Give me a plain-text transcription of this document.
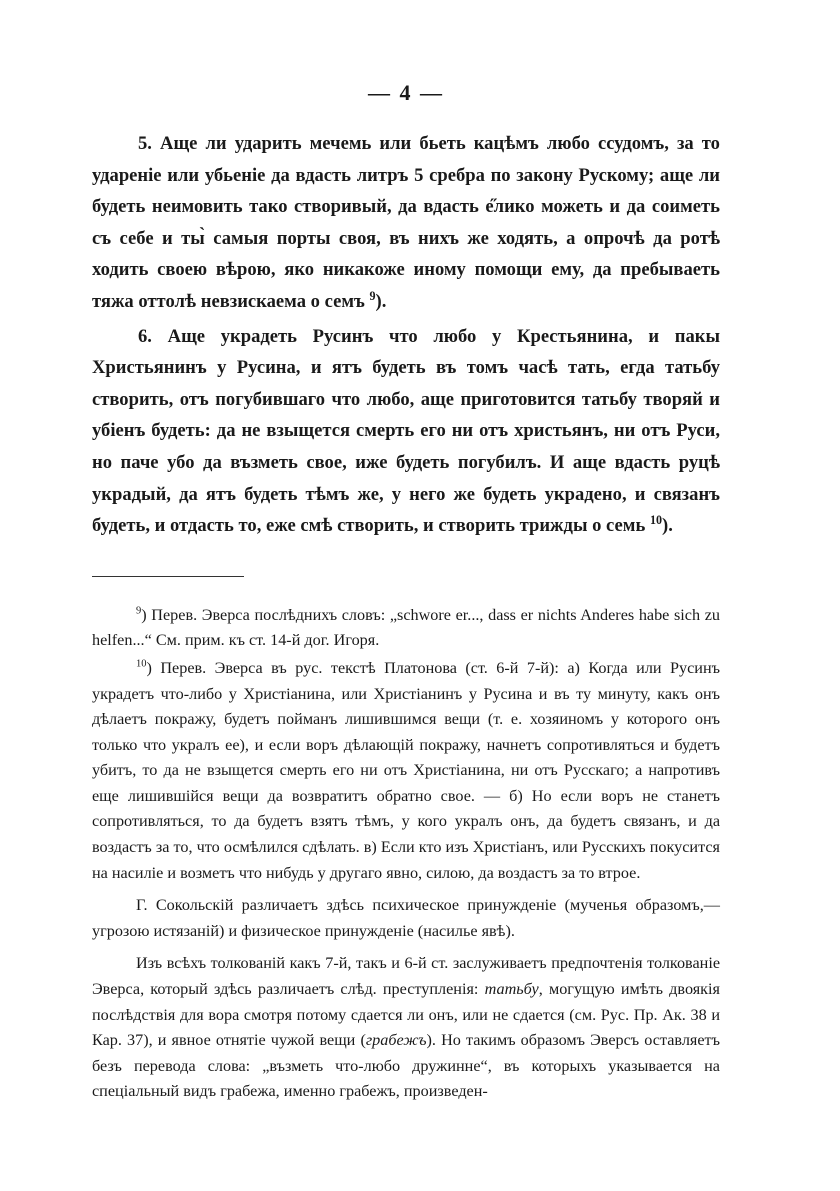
— 4 —

5. Аще ли ударить мечемь или бьеть кацѣмъ любо ссудомъ, за то удареніе или убьеніе да вдасть литръ 5 сребра по закону Рускому; аще ли будеть неимовить тако створивый, да вдасть е̋лико можеть и да соиметь съ себе и ты̀ самыя порты своя, въ нихъ же ходять, а опрочѣ да ротѣ ходить своею вѣрою, яко никакоже иному помощи ему, да пребываеть тяжа оттолѣ невзискаема о семъ $^9$).

6. Аще украдеть Русинъ что любо у Крестьянина, и пакы Христьянинъ у Русина, и ятъ будеть въ томъ часѣ тать, егда татьбу створить, отъ погубившаго что любо, аще приготовится татьбу творяй и убіенъ будеть: да не взыщется смерть его ни отъ христьянъ, ни отъ Руси, но паче убо да възметь свое, иже будеть погубилъ. И аще вдасть руцѣ украдый, да ятъ будеть тѣмъ же, у него же будеть украдено, и связанъ будеть, и отдасть то, еже смѣ створить, и створить трижды о семь $^{10}$).

$^9$) Перев. Эверса послѣднихъ словъ: „schwore er..., dass er nichts Anderes habe sich zu helfen...“ См. прим. къ ст. 14-й дог. Игоря.

$^{10}$) Перев. Эверса въ рус. текстѣ Платонова (ст. 6-й 7-й): а) Когда или Русинъ украдетъ что-либо у Христіанина, или Христіанинъ у Русина и въ ту минуту, какъ онъ дѣлаетъ покражу, будетъ пойманъ лишившимся вещи (т. е. хозяиномъ у которого онъ только что укралъ ее), и если воръ дѣлающій покражу, начнетъ сопротивляться и будетъ убитъ, то да не взыщется смерть его ни отъ Христіанина, ни отъ Русскаго; а напротивъ еще лишившійся вещи да возвратитъ обратно свое. — б) Но если воръ не станетъ сопротивляться, то да будетъ взятъ тѣмъ, у кого укралъ онъ, да будетъ связанъ, и да воздастъ за то, что осмѣлился сдѣлать. в) Если кто изъ Христіанъ, или Русскихъ покусится на насиліе и возметъ что нибудь у другаго явно, силою, да воздастъ за то втрое.

Г. Сокольскій различаетъ здѣсь психическое принужденіе (мученья образомъ,—угрозою истязаній) и физическое принужденіе (насилье явѣ).

Изъ всѣхъ толкованій какъ 7-й, такъ и 6-й ст. заслуживаетъ предпочтенія толкованіе Эверса, который здѣсь различаетъ слѣд. преступленія: татьбу, могущую имѣть двоякія послѣдствія для вора смотря потому сдается ли онъ, или не сдается (см. Рус. Пр. Ак. 38 и Кар. 37), и явное отнятіе чужой вещи (грабежъ). Но такимъ образомъ Эверсъ оставляетъ безъ перевода слова: „възметь что-любо дружинне“, въ которыхъ указывается на спеціальный видъ грабежа, именно грабежъ, произведен-
